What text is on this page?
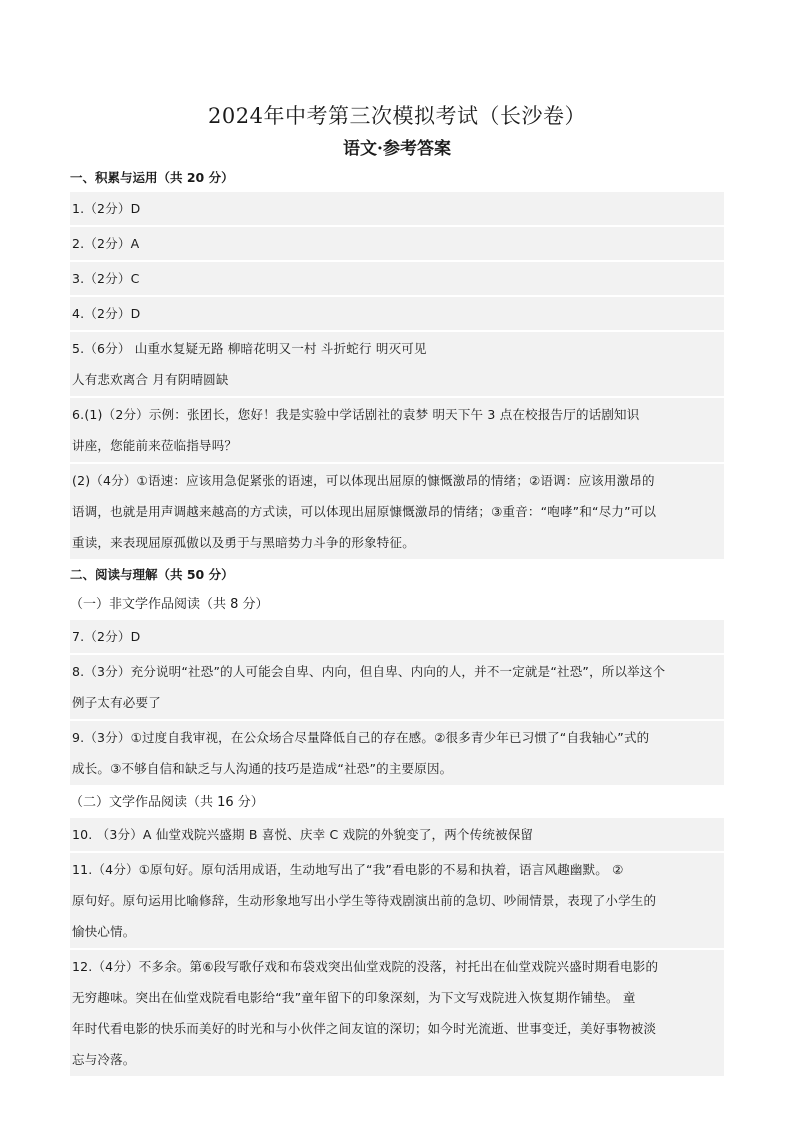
2024年中考第三次模拟考试（长沙卷）
语文·参考答案
一、积累与运用（共 20 分）
1.（2分）D
2.（2分）A
3.（2分）C
4.（2分）D
5.（6分） 山重水复疑无路 柳暗花明又一村 斗折蛇行 明灭可见
人有悲欢离合 月有阴晴圆缺
6.(1)（2分）示例：张团长，您好！我是实验中学话剧社的袁梦 明天下午 3 点在校报告厅的话剧知识
讲座，您能前来莅临指导吗？
(2)（4分）①语速：应该用急促紧张的语速，可以体现出屈原的慷慨激昂的情绪；②语调：应该用激昂的
语调，也就是用声调越来越高的方式读，可以体现出屈原慷慨激昂的情绪；③重音：“咆哮”和“尽力”可以
重读，来表现屈原孤傲以及勇于与黑暗势力斗争的形象特征。
二、阅读与理解（共 50 分）
（一）非文学作品阅读（共 8 分）
7.（2分）D
8.（3分）充分说明“社恐”的人可能会自卑、内向，但自卑、内向的人，并不一定就是“社恐”，所以举这个
例子太有必要了
9.（3分）①过度自我审视，在公众场合尽量降低自己的存在感。②很多青少年已习惯了“自我轴心”式的
成长。③不够自信和缺乏与人沟通的技巧是造成“社恐”的主要原因。
（二）文学作品阅读（共 16 分）
10. （3分）A 仙堂戏院兴盛期 B 喜悦、庆幸 C 戏院的外貌变了，两个传统被保留
11.（4分）①原句好。原句活用成语，生动地写出了“我”看电影的不易和执着，语言风趣幽默。 ②
原句好。原句运用比喻修辞，生动形象地写出小学生等待戏剧演出前的急切、吵闹情景，表现了小学生的
愉快心情。
12.（4分）不多余。第⑥段写歌仔戏和布袋戏突出仙堂戏院的没落，衬托出在仙堂戏院兴盛时期看电影的
无穷趣味。突出在仙堂戏院看电影给“我”童年留下的印象深刻，为下文写戏院进入恢复期作铺垫。 童
年时代看电影的快乐而美好的时光和与小伙伴之间友谊的深切；如今时光流逝、世事变迁，美好事物被淡
忘与冷落。
